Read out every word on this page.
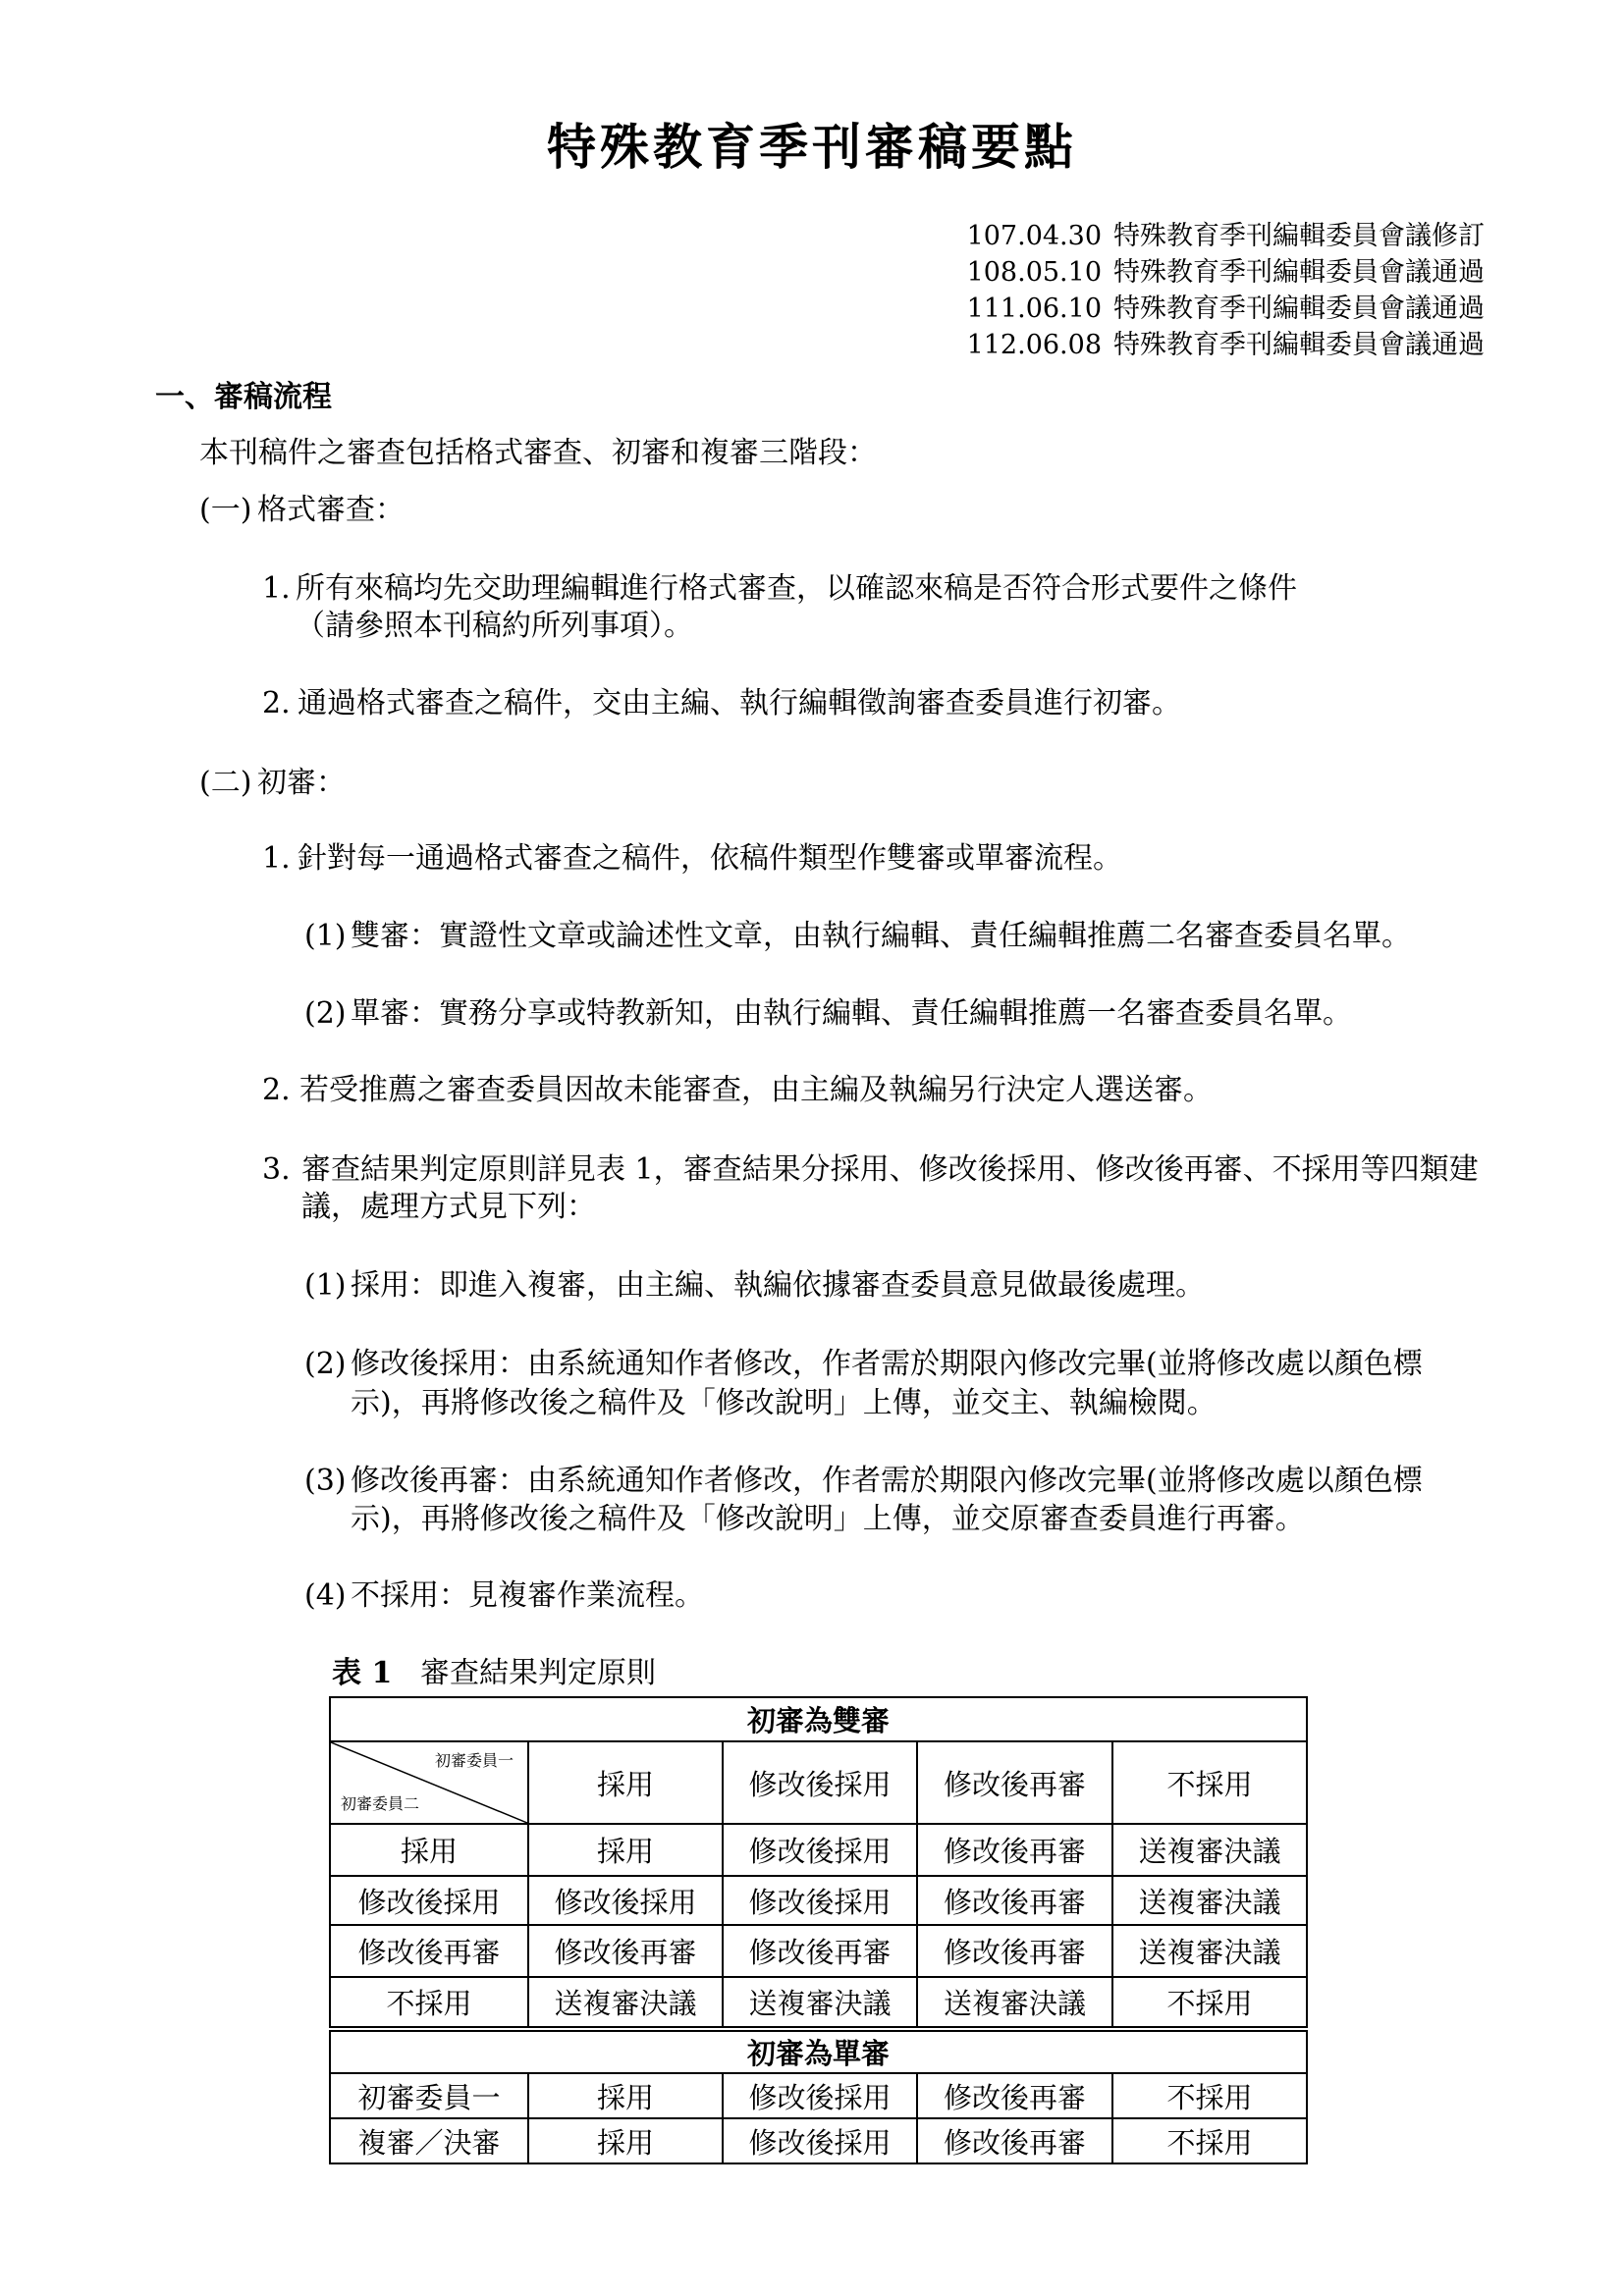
特殊教育季刊審稿要點
107.04.30 特殊教育季刊編輯委員會議修訂
108.05.10 特殊教育季刊編輯委員會議通過
111.06.10 特殊教育季刊編輯委員會議通過
112.06.08 特殊教育季刊編輯委員會議通過
一、審稿流程
本刊稿件之審查包括格式審查、初審和複審三階段：
(一) 格式審查：
1. 所有來稿均先交助理編輯進行格式審查，以確認來稿是否符合形式要件之條件
（請參照本刊稿約所列事項）。
2. 通過格式審查之稿件，交由主編、執行編輯徵詢審查委員進行初審。
(二) 初審：
1. 針對每一通過格式審查之稿件，依稿件類型作雙審或單審流程。
(1) 雙審：實證性文章或論述性文章，由執行編輯、責任編輯推薦二名審查委員名單。
(2) 單審：實務分享或特教新知，由執行編輯、責任編輯推薦一名審查委員名單。
2. 若受推薦之審查委員因故未能審查，由主編及執編另行決定人選送審。
3. 審查結果判定原則詳見表 1，審查結果分採用、修改後採用、修改後再審、不採用等四類建
議，處理方式見下列：
(1) 採用：即進入複審，由主編、執編依據審查委員意見做最後處理。
(2) 修改後採用：由系統通知作者修改，作者需於期限內修改完畢(並將修改處以顏色標
示)，再將修改後之稿件及「修改說明」上傳，並交主、執編檢閱。
(3) 修改後再審：由系統通知作者修改，作者需於期限內修改完畢(並將修改處以顏色標
示)，再將修改後之稿件及「修改說明」上傳，並交原審查委員進行再審。
(4) 不採用：見複審作業流程。
表 1 審查結果判定原則
初審為雙審				

初審委員一
初審委員二	採用	修改後採用	修改後再審	不採用
採用	採用	修改後採用	修改後再審	送複審決議
修改後採用	修改後採用	修改後採用	修改後再審	送複審決議
修改後再審	修改後再審	修改後再審	修改後再審	送複審決議
不採用	送複審決議	送複審決議	送複審決議	不採用
初審為單審				
初審委員一	採用	修改後採用	修改後再審	不採用
複審／決審	採用	修改後採用	修改後再審	不採用
